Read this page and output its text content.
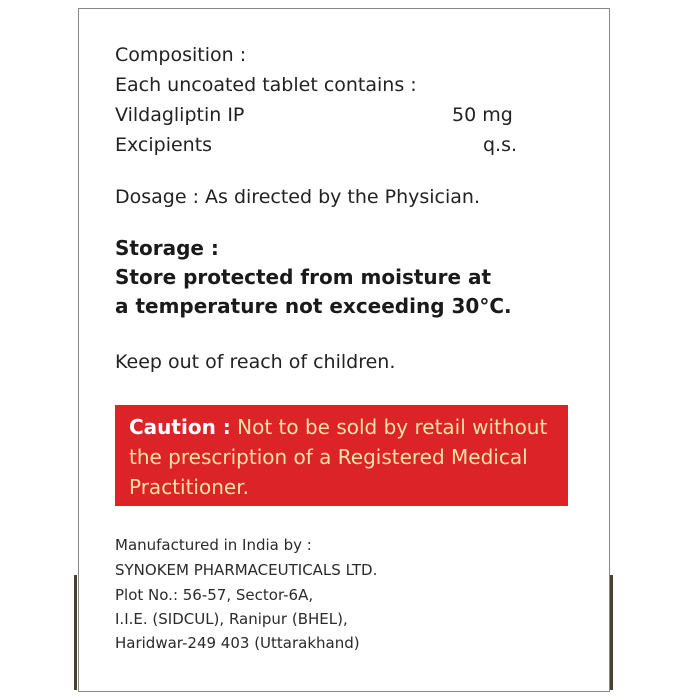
Composition :
Each uncoated tablet contains :
Vildagliptin IP	50 mg
Excipients	q.s.
Dosage : As directed by the Physician.
Storage :
Store protected from moisture at
a temperature not exceeding 30°C.
Keep out of reach of children.
Caution : Not to be sold by retail without the prescription of a Registered Medical Practitioner.
Manufactured in India by :
SYNOKEM PHARMACEUTICALS LTD.
Plot No.: 56-57, Sector-6A,
I.I.E. (SIDCUL), Ranipur (BHEL),
Haridwar-249 403 (Uttarakhand)
